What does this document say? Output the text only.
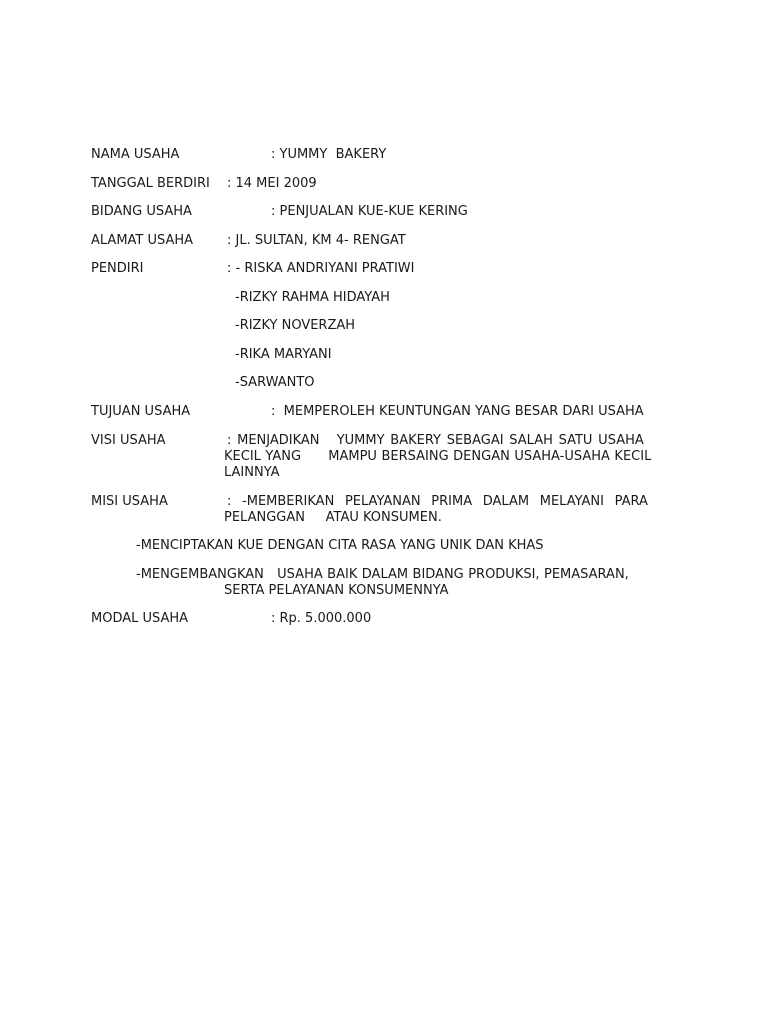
NAMA USAHA	: YUMMY  BAKERY
TANGGAL BERDIRI : 14 MEI 2009
BIDANG USAHA	: PENJUALAN KUE-KUE KERING
ALAMAT USAHA	: JL. SULTAN, KM 4- RENGAT
PENDIRI	: - RISKA ANDRIYANI PRATIWI
-RIZKY RAHMA HIDAYAH
-RIZKY NOVERZAH
-RIKA MARYANI
-SARWANTO
TUJUAN USAHA	:  MEMPEROLEH KEUNTUNGAN YANG BESAR DARI USAHA
VISI USAHA	: MENJADIKAN   YUMMY BAKERY SEBAGAI SALAH SATU USAHA
KECIL YANG      MAMPU BERSAING DENGAN USAHA-USAHA KECIL
LAINNYA
MISI USAHA	:  -MEMBERIKAN  PELAYANAN  PRIMA  DALAM  MELAYANI  PARA
PELANGGAN     ATAU KONSUMEN.
-MENCIPTAKAN KUE DENGAN CITA RASA YANG UNIK DAN KHAS
-MENGEMBANGKAN   USAHA BAIK DALAM BIDANG PRODUKSI, PEMASARAN,
SERTA PELAYANAN KONSUMENNYA
MODAL USAHA	: Rp. 5.000.000
